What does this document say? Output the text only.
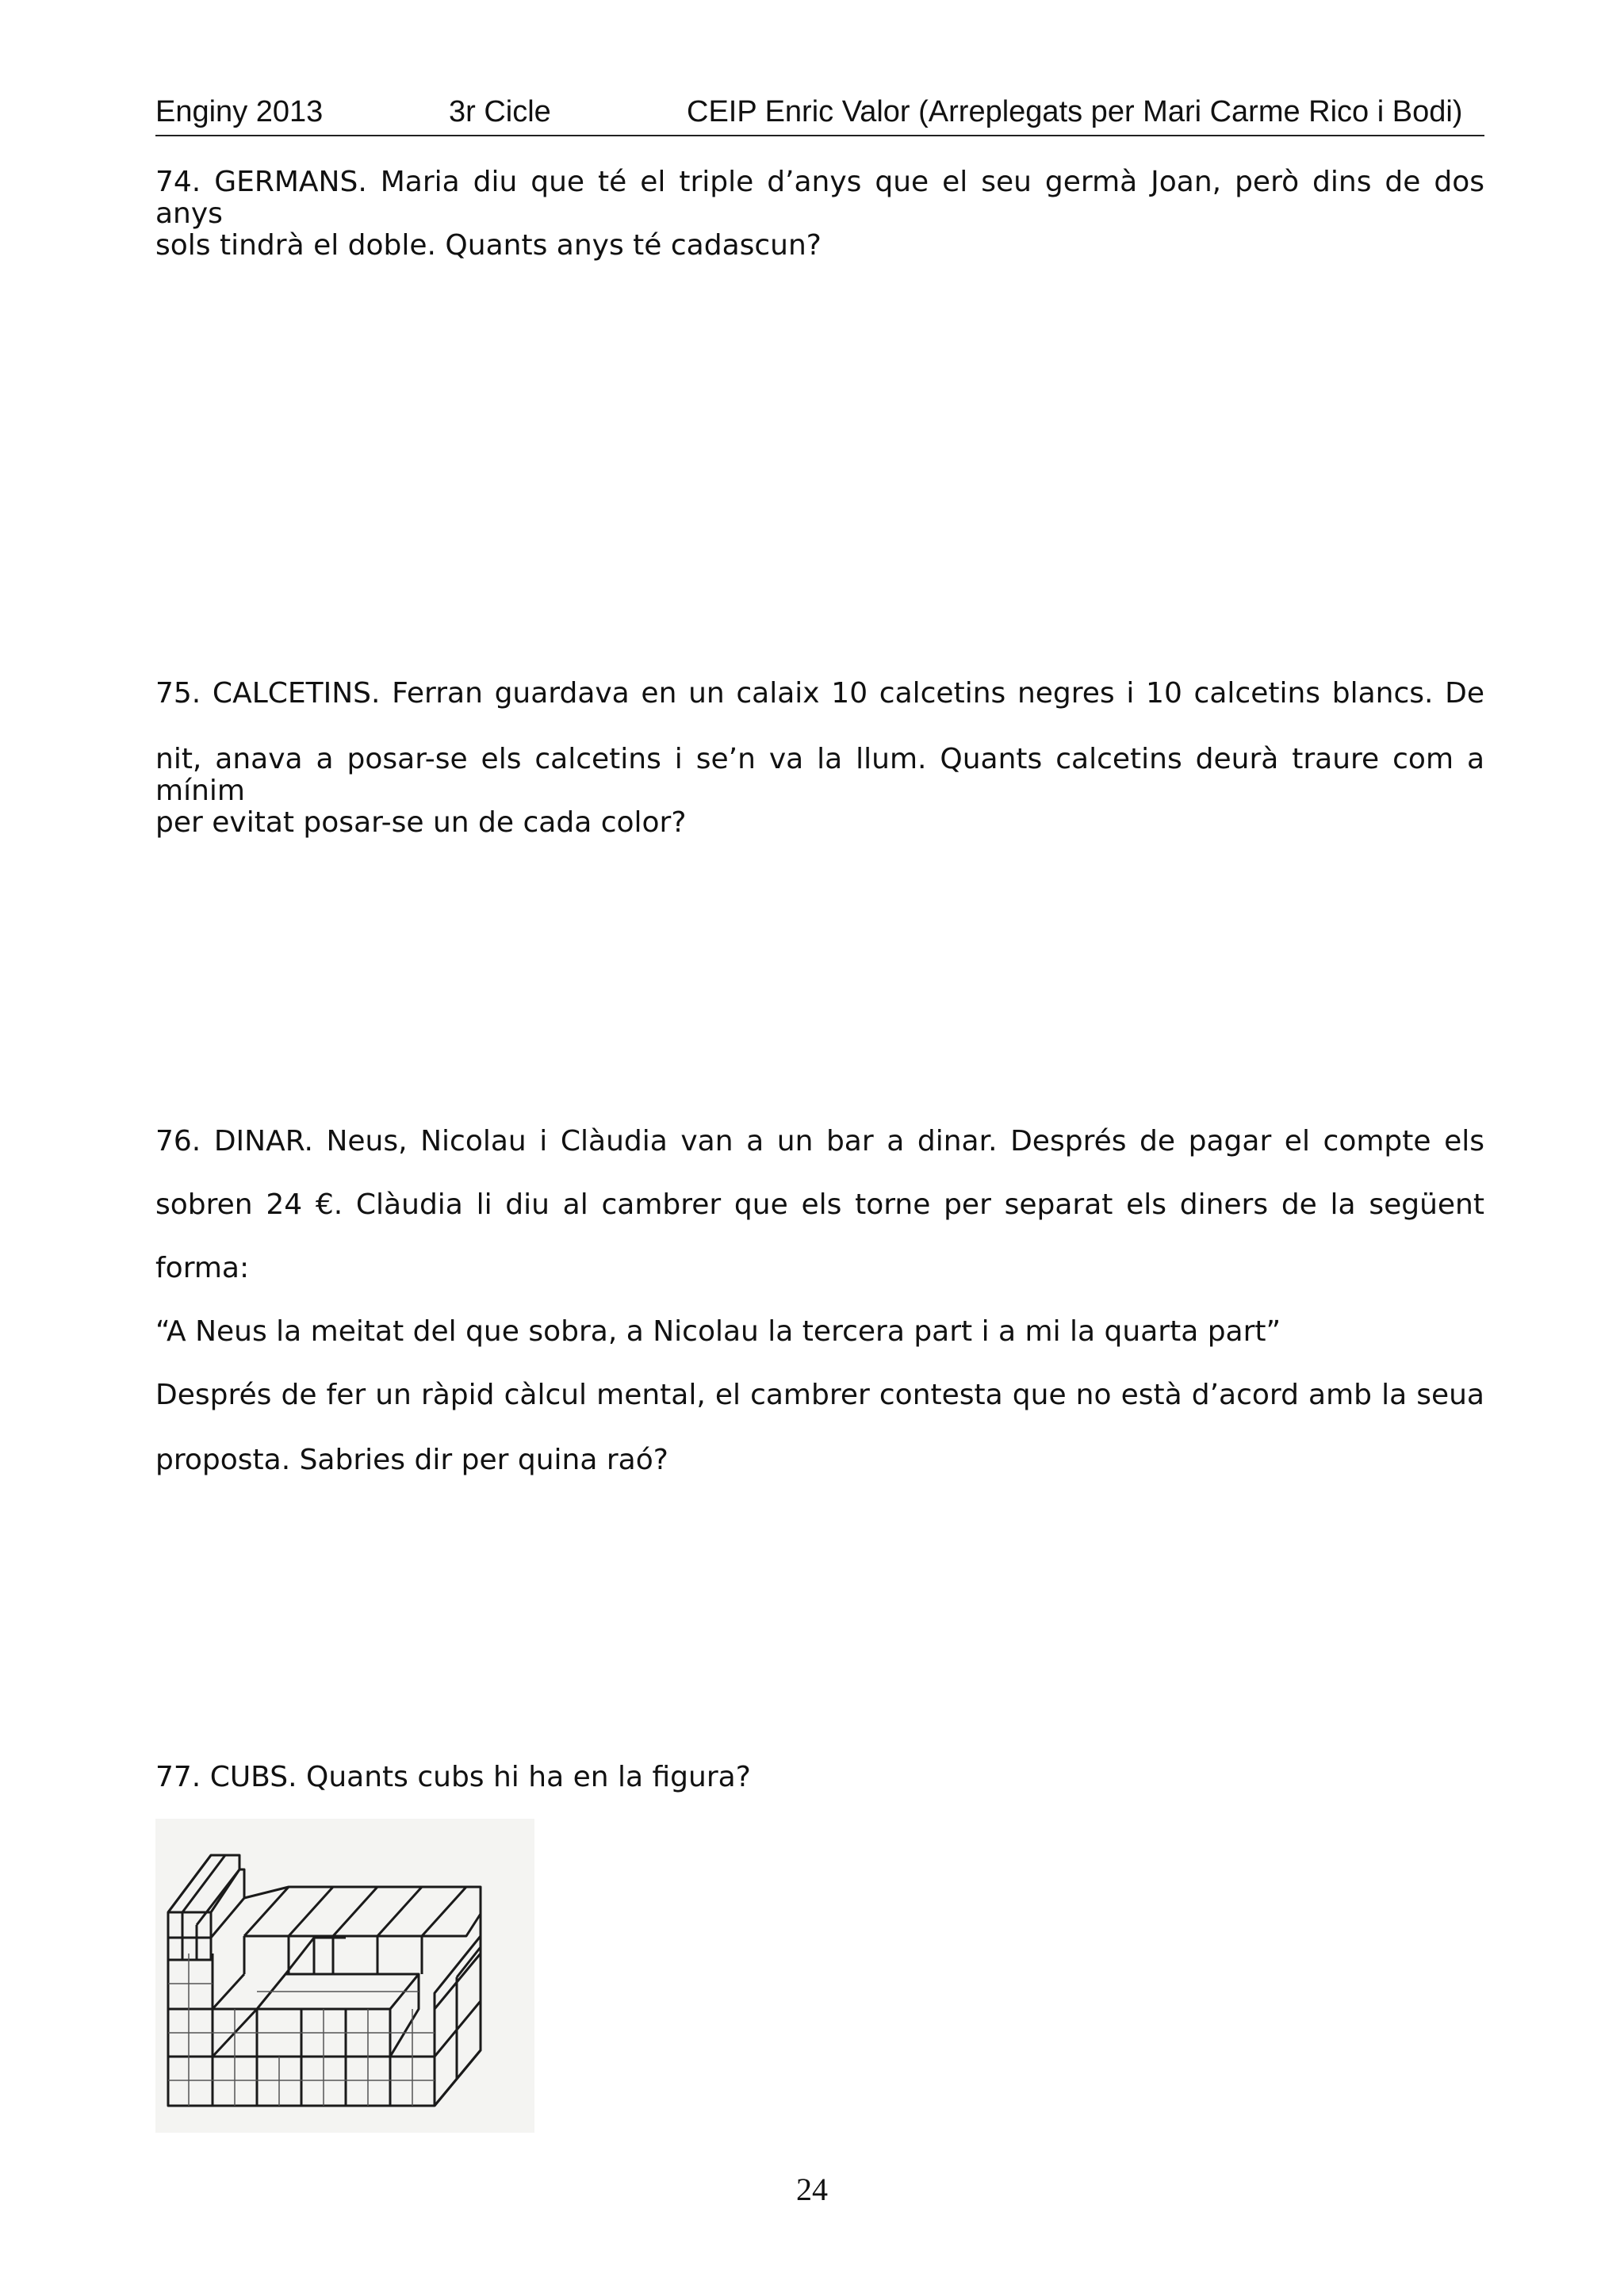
Enginy 2013	3r Cicle	CEIP Enric Valor (Arreplegats per Mari Carme Rico i Bodi)
74. GERMANS. Maria diu que té el triple d’anys que el seu germà Joan, però dins de dos anys
sols tindrà el doble. Quants anys té cadascun?
75. CALCETINS. Ferran guardava en un calaix 10 calcetins negres i 10 calcetins blancs. De
nit, anava a posar-se els calcetins i se’n va la llum. Quants calcetins deurà traure com a mínim
per evitat posar-se un de cada color?
76. DINAR. Neus, Nicolau i Clàudia van a un bar a dinar. Després de pagar el compte els
sobren 24 €. Clàudia li diu al cambrer que els torne per separat els diners de la següent
forma:
“A Neus la meitat del que sobra, a Nicolau la tercera part i a mi la quarta part”
Després de fer un ràpid càlcul mental, el cambrer contesta que no està d’acord amb la seua
proposta. Sabries dir per quina raó?
77. CUBS. Quants cubs hi ha en la figura?
24
